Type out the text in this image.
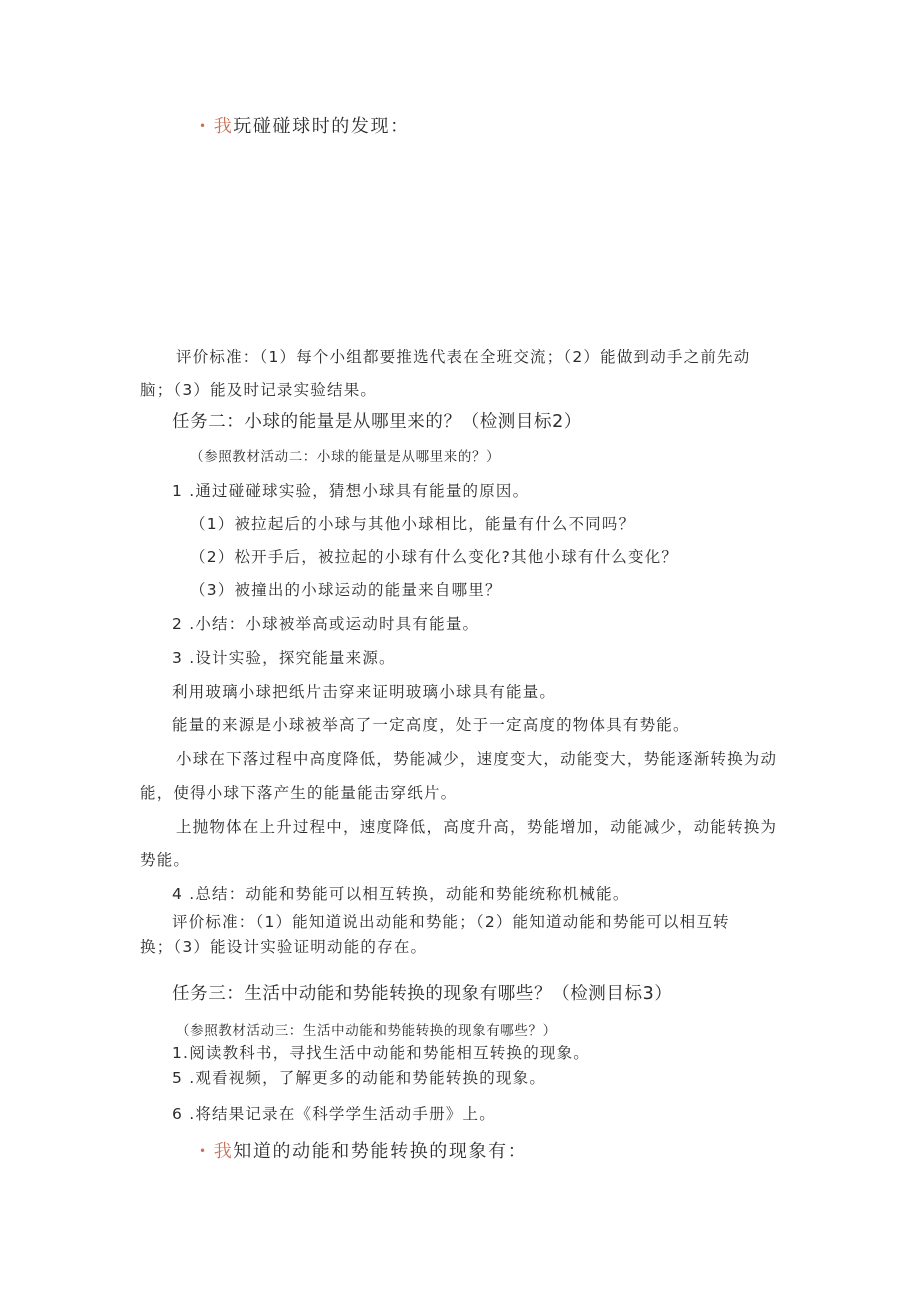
• 我玩碰碰球时的发现：
评价标准：（1）每个小组都要推选代表在全班交流；（2）能做到动手之前先动
脑；（3）能及时记录实验结果。
任务二：小球的能量是从哪里来的？（检测目标2）
（参照教材活动二：小球的能量是从哪里来的？）
1 .通过碰碰球实验，猜想小球具有能量的原因。
（1）被拉起后的小球与其他小球相比，能量有什么不同吗？
（2）松开手后，被拉起的小球有什么变化?其他小球有什么变化？
（3）被撞出的小球运动的能量来自哪里？
2 .小结：小球被举高或运动时具有能量。
3 .设计实验，探究能量来源。
利用玻璃小球把纸片击穿来证明玻璃小球具有能量。
能量的来源是小球被举高了一定高度，处于一定高度的物体具有势能。
小球在下落过程中高度降低，势能减少，速度变大，动能变大，势能逐渐转换为动
能，使得小球下落产生的能量能击穿纸片。
上抛物体在上升过程中，速度降低，高度升高，势能增加，动能减少，动能转换为
势能。
4 .总结：动能和势能可以相互转换，动能和势能统称机械能。
评价标准：（1）能知道说出动能和势能；（2）能知道动能和势能可以相互转
换；（3）能设计实验证明动能的存在。
任务三：生活中动能和势能转换的现象有哪些？（检测目标3）
（参照教材活动三：生活中动能和势能转换的现象有哪些？）
1.阅读教科书，寻找生活中动能和势能相互转换的现象。
5 .观看视频，了解更多的动能和势能转换的现象。
6 .将结果记录在《科学学生活动手册》上。
• 我知道的动能和势能转换的现象有：
